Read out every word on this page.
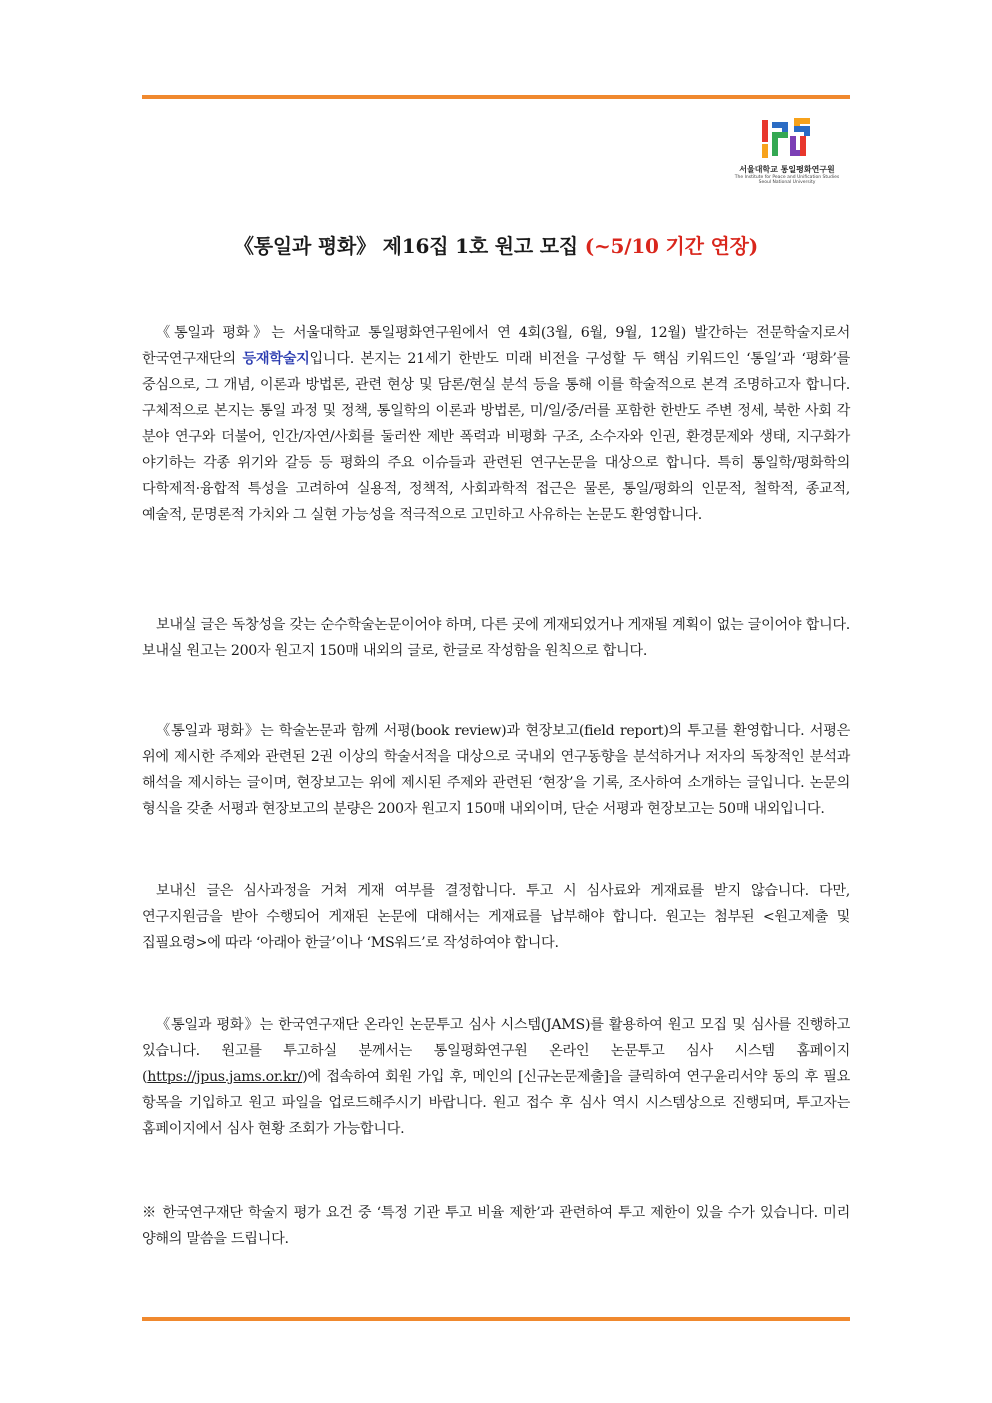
서울대학교 통일평화연구원
The Institute for Peace and Unification Studies
Seoul National University
《통일과 평화》 제16집 1호 원고 모집 (~5/10 기간 연장)

《통일과 평화》는 서울대학교 통일평화연구원에서 연 4회(3월, 6월, 9월, 12월) 발간하는 전문학술지로서 한국연구재단의 등재학술지입니다. 본지는 21세기 한반도 미래 비전을 구성할 두 핵심 키워드인 ‘통일’과 ‘평화’를 중심으로, 그 개념, 이론과 방법론, 관련 현상 및 담론/현실 분석 등을 통해 이를 학술적으로 본격 조명하고자 합니다. 구체적으로 본지는 통일 과정 및 정책, 통일학의 이론과 방법론, 미/일/중/러를 포함한 한반도 주변 정세, 북한 사회 각 분야 연구와 더불어, 인간/자연/사회를 둘러싼 제반 폭력과 비평화 구조, 소수자와 인권, 환경문제와 생태, 지구화가 야기하는 각종 위기와 갈등 등 평화의 주요 이슈들과 관련된 연구논문을 대상으로 합니다. 특히 통일학/평화학의 다학제적·융합적 특성을 고려하여 실용적, 정책적, 사회과학적 접근은 물론, 통일/평화의 인문적, 철학적, 종교적, 예술적, 문명론적 가치와 그 실현 가능성을 적극적으로 고민하고 사유하는 논문도 환영합니다.

보내실 글은 독창성을 갖는 순수학술논문이어야 하며, 다른 곳에 게재되었거나 게재될 계획이 없는 글이어야 합니다. 보내실 원고는 200자 원고지 150매 내외의 글로, 한글로 작성함을 원칙으로 합니다.

《통일과 평화》는 학술논문과 함께 서평(book review)과 현장보고(field report)의 투고를 환영합니다. 서평은 위에 제시한 주제와 관련된 2권 이상의 학술서적을 대상으로 국내외 연구동향을 분석하거나 저자의 독창적인 분석과 해석을 제시하는 글이며, 현장보고는 위에 제시된 주제와 관련된 ‘현장’을 기록, 조사하여 소개하는 글입니다. 논문의 형식을 갖춘 서평과 현장보고의 분량은 200자 원고지 150매 내외이며, 단순 서평과 현장보고는 50매 내외입니다.

보내신 글은 심사과정을 거쳐 게재 여부를 결정합니다. 투고 시 심사료와 게재료를 받지 않습니다. 다만, 연구지원금을 받아 수행되어 게재된 논문에 대해서는 게재료를 납부해야 합니다. 원고는 첨부된 <원고제출 및 집필요령>에 따라 ‘아래아 한글’이나 ‘MS워드’로 작성하여야 합니다.

《통일과 평화》는 한국연구재단 온라인 논문투고 심사 시스템(JAMS)를 활용하여 원고 모집 및 심사를 진행하고 있습니다. 원고를 투고하실 분께서는 통일평화연구원 온라인 논문투고 심사 시스템 홈페이지(https://jpus.jams.or.kr/)에 접속하여 회원 가입 후, 메인의 [신규논문제출]을 클릭하여 연구윤리서약 동의 후 필요 항목을 기입하고 원고 파일을 업로드해주시기 바랍니다. 원고 접수 후 심사 역시 시스템상으로 진행되며, 투고자는 홈페이지에서 심사 현황 조회가 가능합니다.

※ 한국연구재단 학술지 평가 요건 중 ‘특정 기관 투고 비율 제한’과 관련하여 투고 제한이 있을 수가 있습니다. 미리 양해의 말씀을 드립니다.
